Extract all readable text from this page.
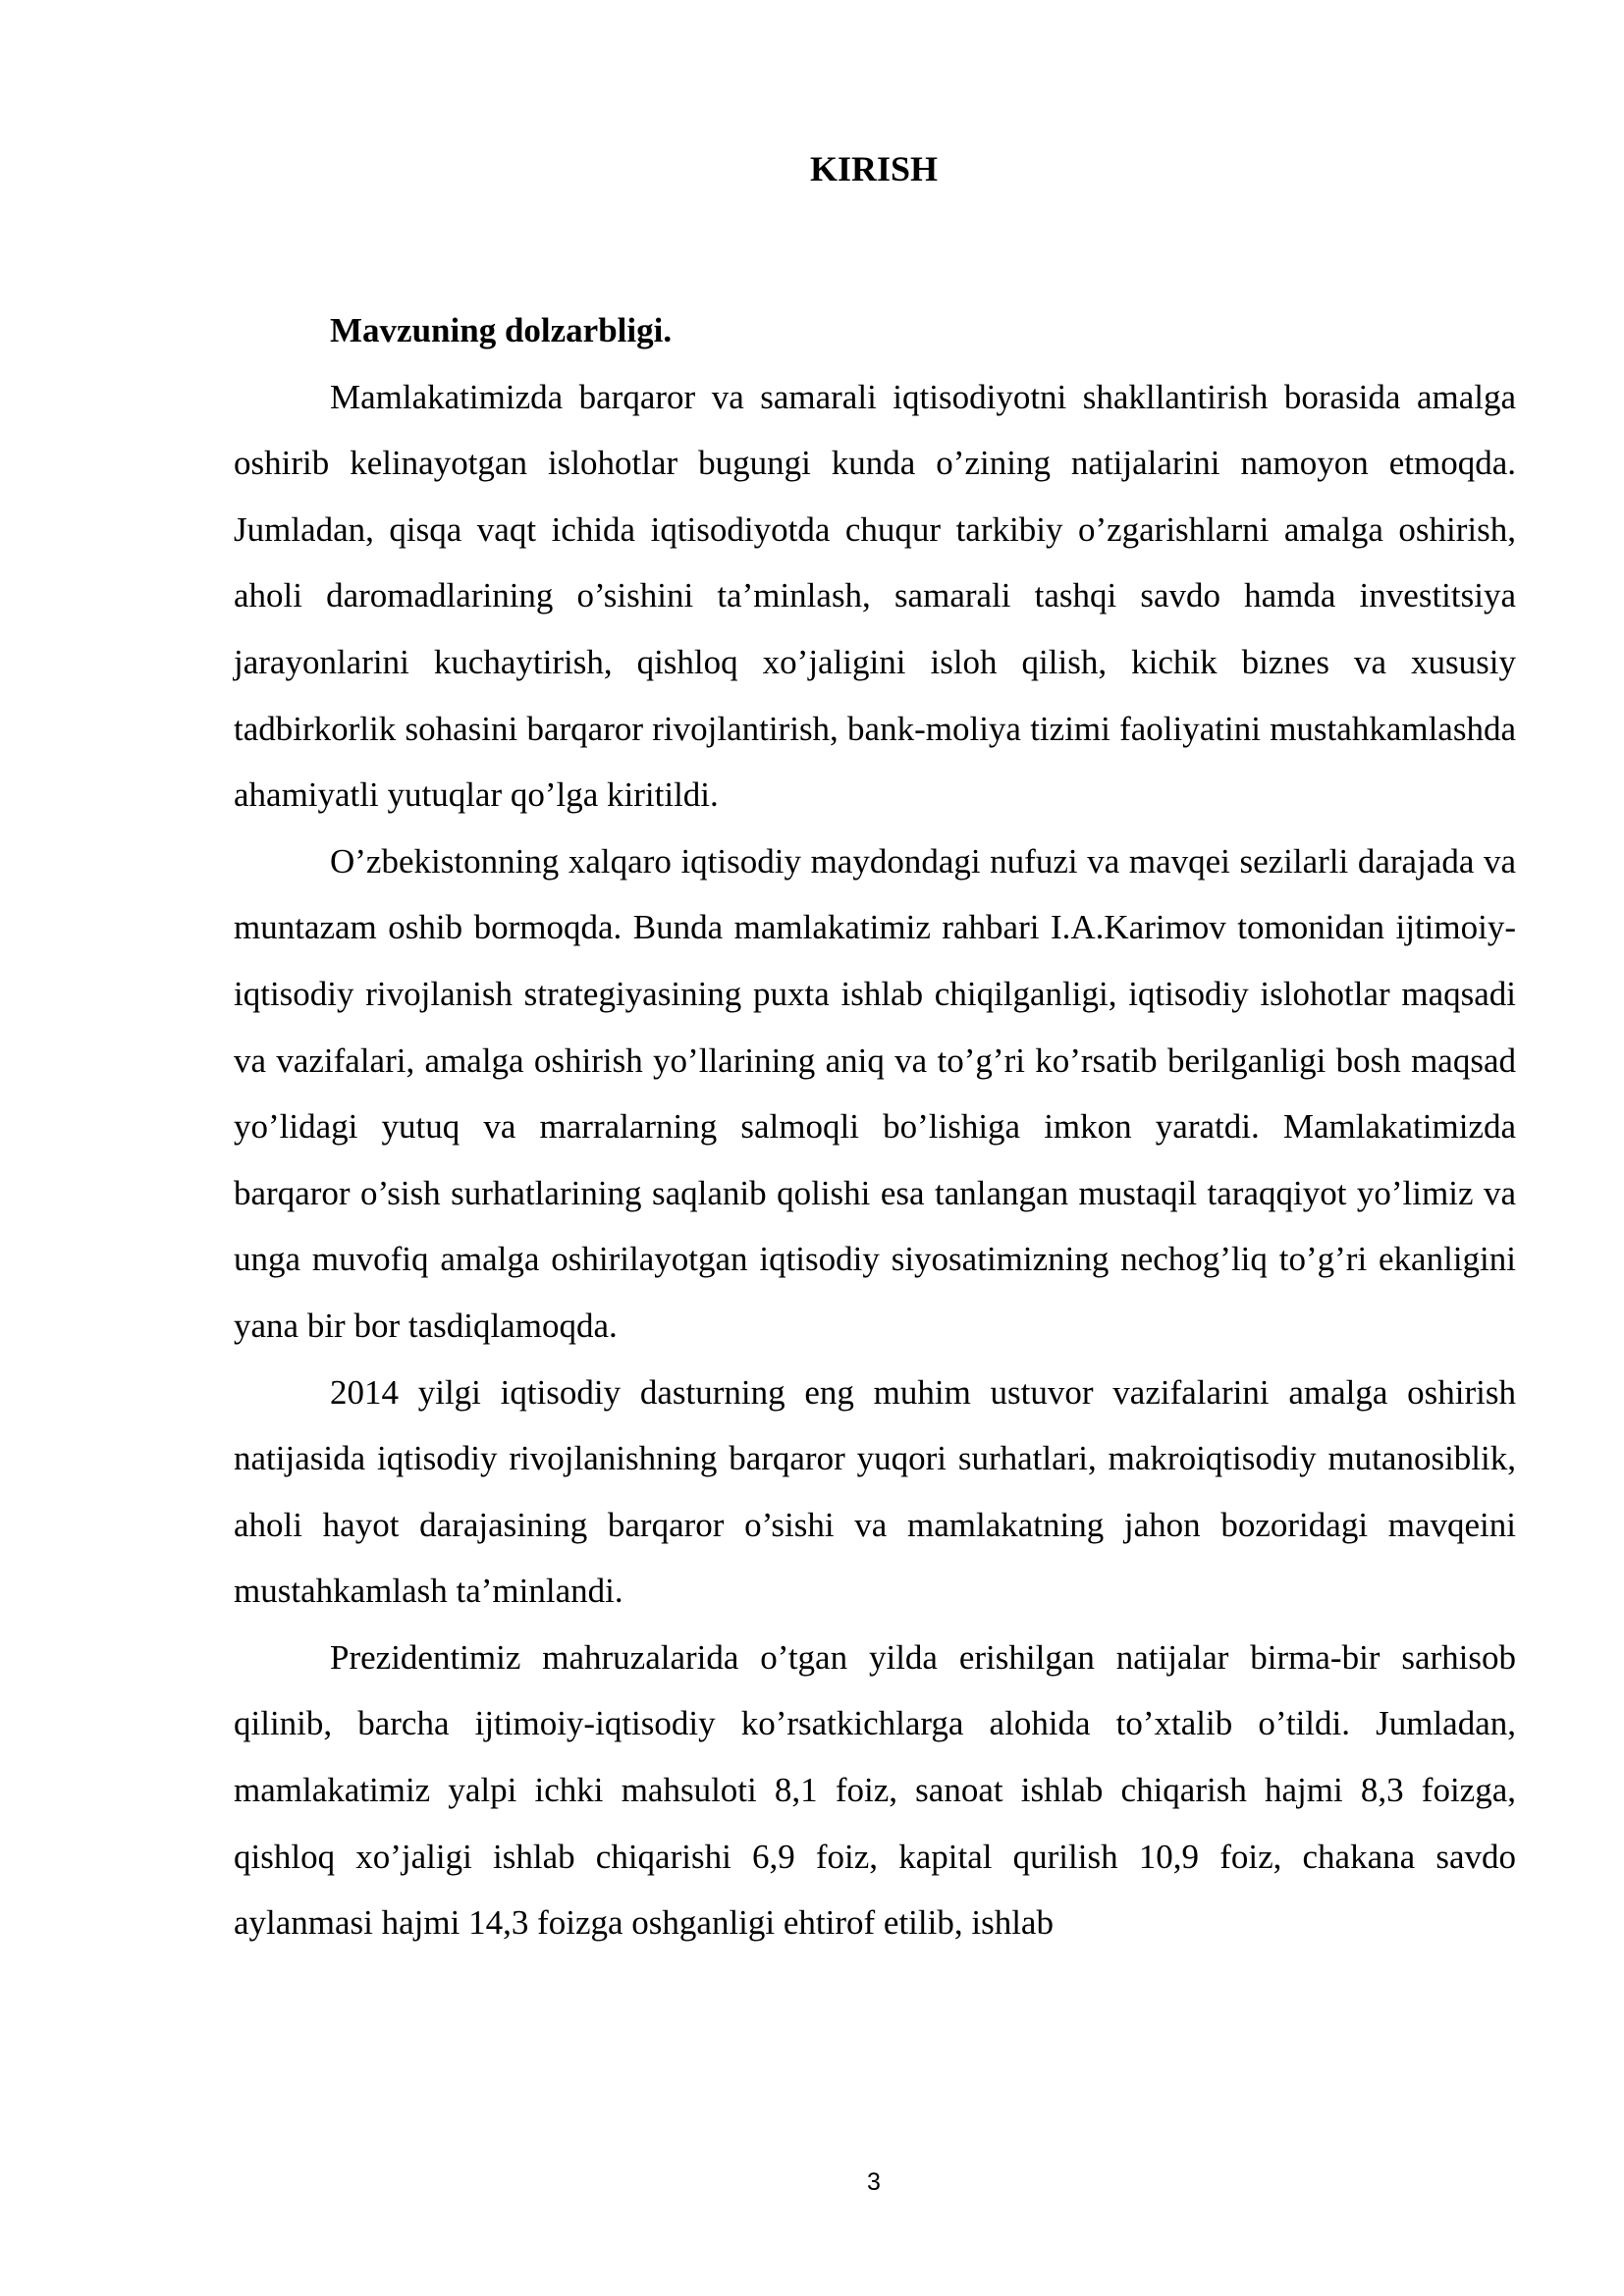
KIRISH

Mavzuning dolzarbligi.

Mamlakatimizda barqaror va samarali iqtisodiyotni shakllantirish borasida amalga oshirib kelinayotgan islohotlar bugungi kunda o’zining natijalarini namoyon etmoqda. Jumladan, qisqa vaqt ichida iqtisodiyotda chuqur tarkibiy o’zgarishlarni amalga oshirish, aholi daromadlarining o’sishini ta’minlash, samarali tashqi savdo hamda investitsiya jarayonlarini kuchaytirish, qishloq xo’jaligini isloh qilish, kichik biznes va xususiy tadbirkorlik sohasini barqaror rivojlantirish, bank-moliya tizimi faoliyatini mustahkamlashda ahamiyatli yutuqlar qo’lga kiritildi.

O’zbekistonning xalqaro iqtisodiy maydondagi nufuzi va mavqei sezilarli darajada va muntazam oshib bormoqda. Bunda mamlakatimiz rahbari I.A.Karimov tomonidan ijtimoiy-iqtisodiy rivojlanish strategiyasining puxta ishlab chiqilganligi, iqtisodiy islohotlar maqsadi va vazifalari, amalga oshirish yo’llarining aniq va to’g’ri ko’rsatib berilganligi bosh maqsad yo’lidagi yutuq va marralarning salmoqli bo’lishiga imkon yaratdi. Mamlakatimizda barqaror o’sish surhatlarining saqlanib qolishi esa tanlangan mustaqil taraqqiyot yo’limiz va unga muvofiq amalga oshirilayotgan iqtisodiy siyosatimizning nechog’liq to’g’ri ekanligini yana bir bor tasdiqlamoqda.

2014 yilgi iqtisodiy dasturning eng muhim ustuvor vazifalarini amalga oshirish natijasida iqtisodiy rivojlanishning barqaror yuqori surhatlari, makroiqtisodiy mutanosiblik, aholi hayot darajasining barqaror o’sishi va mamlakatning jahon bozoridagi mavqeini mustahkamlash ta’minlandi.

Prezidentimiz mahruzalarida o’tgan yilda erishilgan natijalar birma-bir sarhisob qilinib, barcha ijtimoiy-iqtisodiy ko’rsatkichlarga alohida to’xtalib o’tildi. Jumladan, mamlakatimiz yalpi ichki mahsuloti 8,1 foiz, sanoat ishlab chiqarish hajmi 8,3 foizga, qishloq xo’jaligi ishlab chiqarishi 6,9 foiz, kapital qurilish 10,9 foiz, chakana savdo aylanmasi hajmi 14,3 foizga oshganligi ehtirof etilib, ishlab

3
